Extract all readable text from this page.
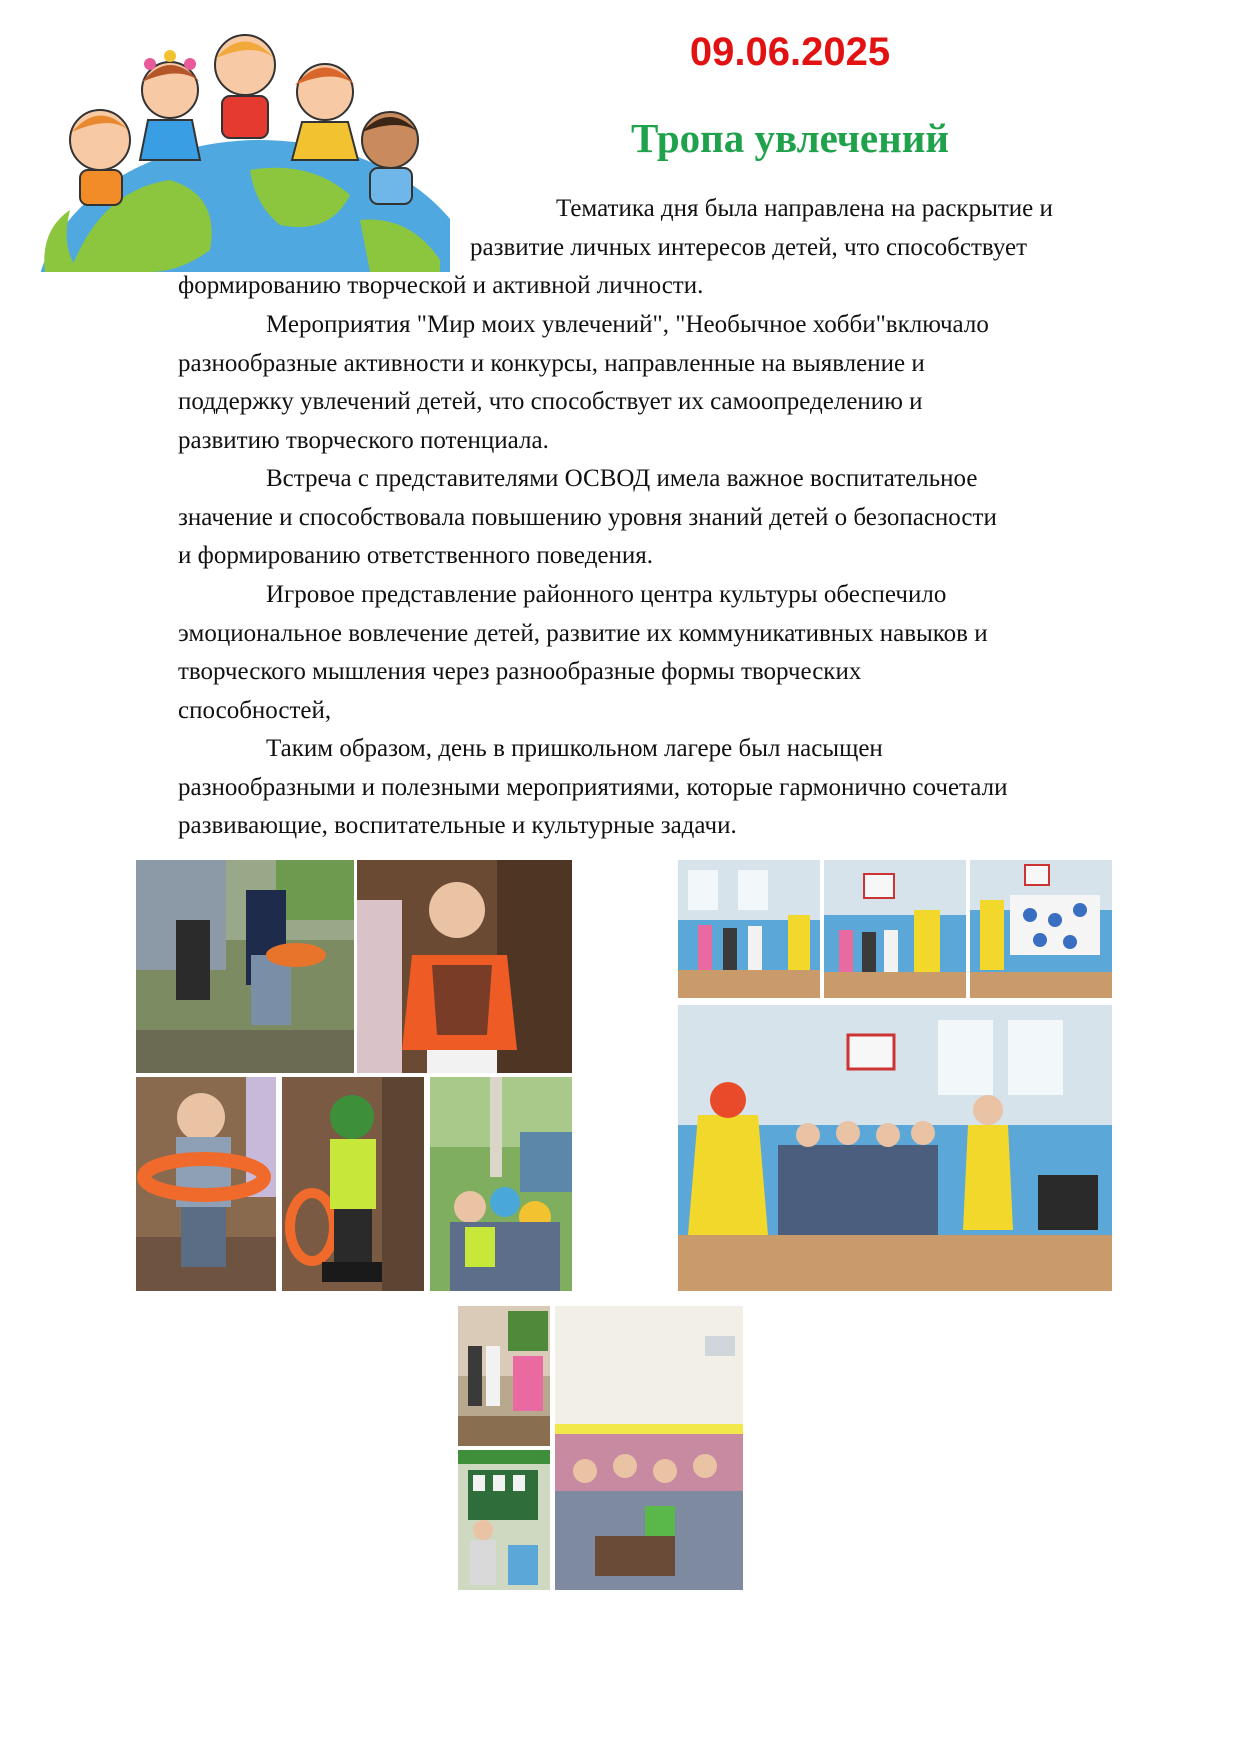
09.06.2025
Тропа увлечений
Тематика дня была направлена на раскрытие и
развитие личных интересов детей, что способствует
формированию творческой и активной личности.
Мероприятия "Мир моих увлечений", "Необычное хобби"включало
разнообразные активности и конкурсы, направленные на выявление и
поддержку увлечений детей, что способствует их самоопределению и
развитию творческого потенциала.
Встреча с представителями ОСВОД имела важное воспитательное
значение и способствовала повышению уровня знаний детей о безопасности
и формированию ответственного поведения.
Игровое представление районного центра культуры обеспечило
эмоциональное вовлечение детей, развитие их коммуникативных навыков и
творческого мышления через разнообразные формы творческих
способностей,
Таким образом, день в пришкольном лагере был насыщен
разнообразными и полезными мероприятиями, которые гармонично сочетали
развивающие, воспитательные и культурные задачи.
